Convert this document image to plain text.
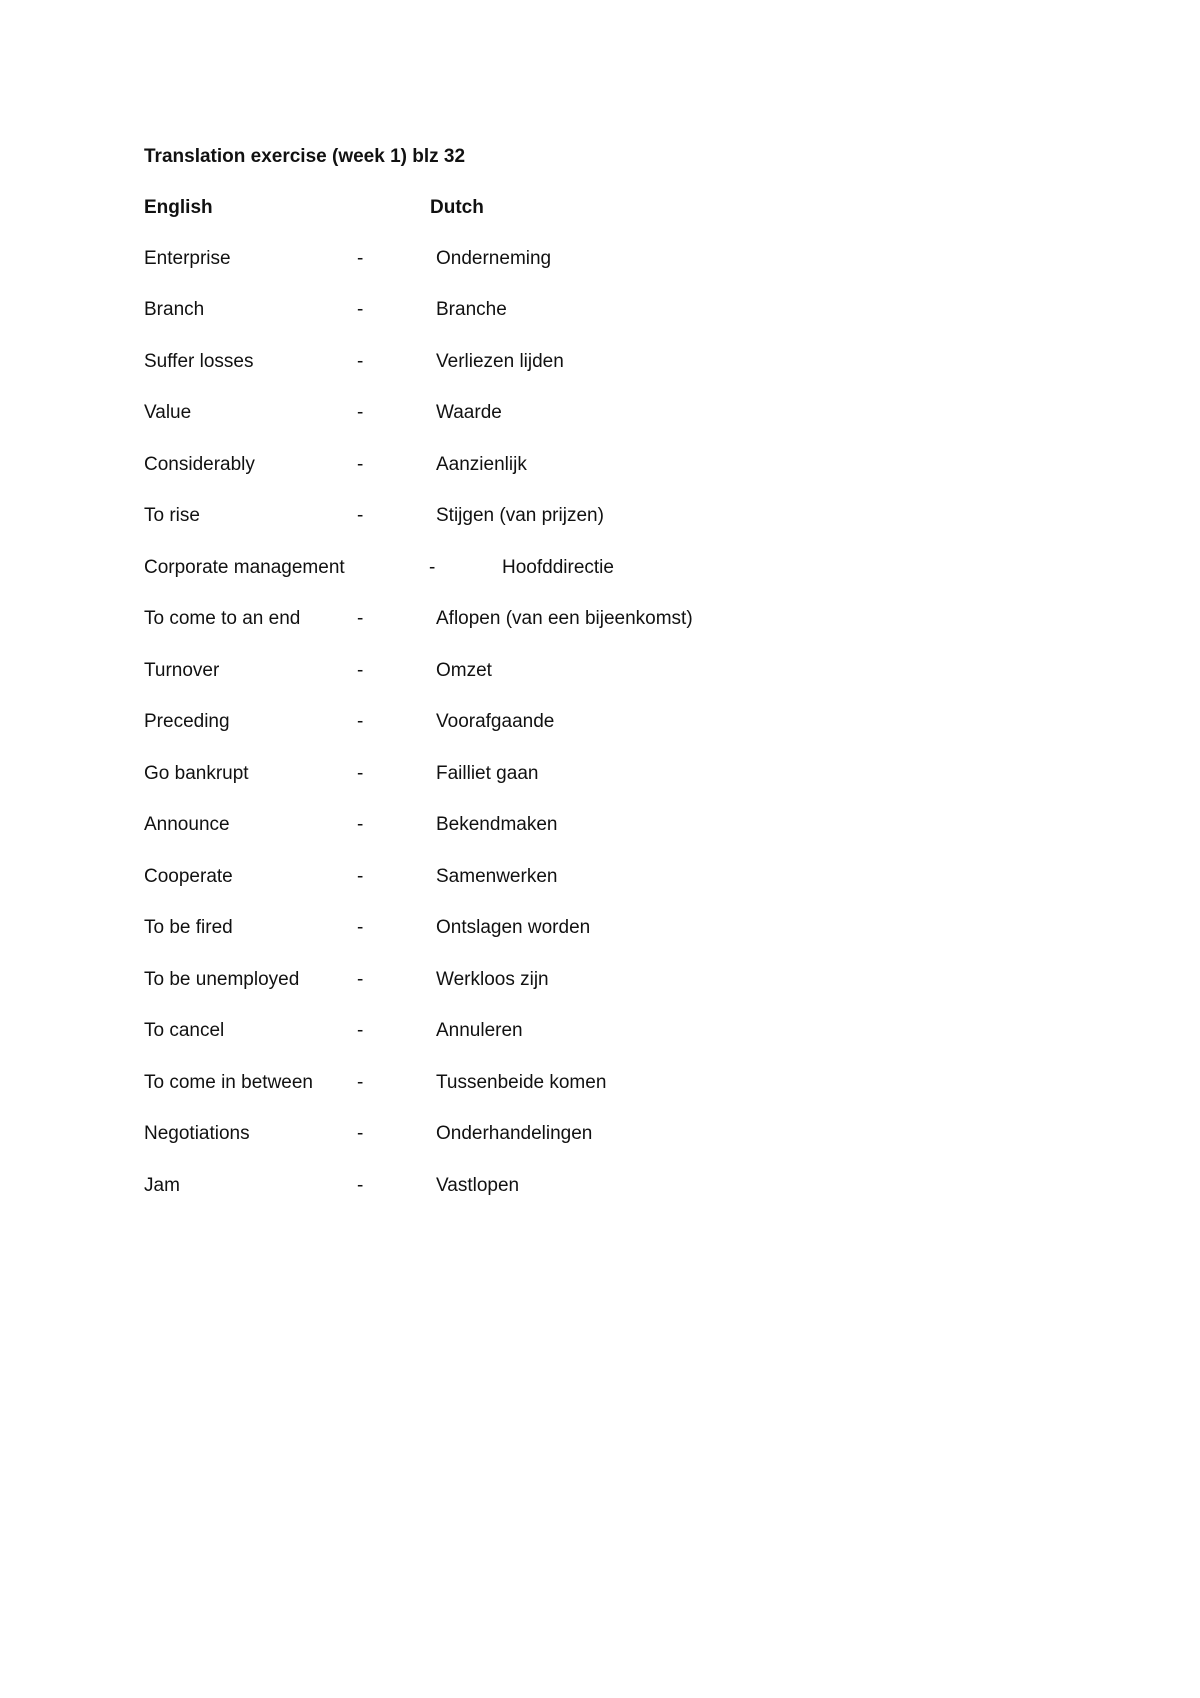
Translation exercise (week 1) blz 32
English	Dutch
Enterprise	-	Onderneming
Branch	-	Branche
Suffer losses	-	Verliezen lijden
Value	-	Waarde
Considerably	-	Aanzienlijk
To rise	-	Stijgen (van prijzen)
Corporate management	-	Hoofddirectie
To come to an end	-	Aflopen (van een bijeenkomst)
Turnover	-	Omzet
Preceding	-	Voorafgaande
Go bankrupt	-	Failliet gaan
Announce	-	Bekendmaken
Cooperate	-	Samenwerken
To be fired	-	Ontslagen worden
To be unemployed	-	Werkloos zijn
To cancel	-	Annuleren
To come in between -	Tussenbeide komen
Negotiations	-	Onderhandelingen
Jam	-	Vastlopen
